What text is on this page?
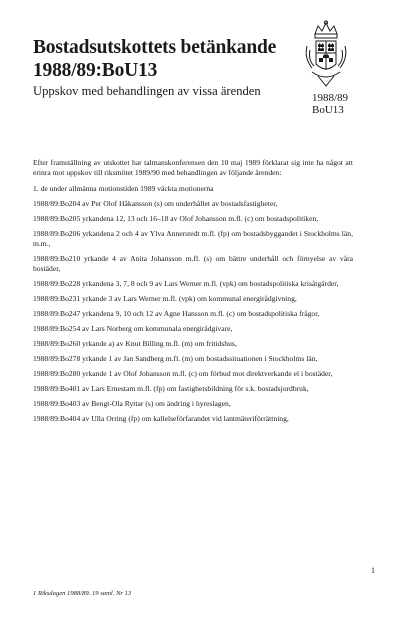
Bostadsutskottets betänkande
1988/89:BoU13
Uppskov med behandlingen av vissa ärenden	1988/89
BoU13

Efter framställning av utskottet har talmanskonferensen den 10 maj 1989 förklarat sig inte ha något att erinra mot uppskov till riksmötet 1989/90 med behandlingen av följande ärenden:

1. de under allmänna motionstiden 1989 väckta motionerna

1988/89:Bo204 av Per Olof Håkansson (s) om underhållet av bostadsfastigheter,

1988/89:Bo205 yrkandena 12, 13 och 16–18 av Olof Johansson m.fl. (c) om bostadspolitiken,

1988/89:Bo206 yrkandena 2 och 4 av Ylva Annerstedt m.fl. (fp) om bostadsbyggandet i Stockholms län, m.m.,

1988/89:Bo210 yrkande 4 av Anita Johansson m.fl. (s) om bättre underhåll och förnyelse av våra bostäder,

1988/89:Bo228 yrkandena 3, 7, 8 och 9 av Lars Werner m.fl. (vpk) om bostadspolitiska krisåtgärder,

1988/89:Bo231 yrkande 3 av Lars Werner m.fl. (vpk) om kommunal energirådgivning,

1988/89:Bo247 yrkandena 9, 10 och 12 av Agne Hansson m.fl. (c) om bostadspolitiska frågor,

1988/89:Bo254 av Lars Norberg om kommunala energirådgivare,

1988/89:Bo260 yrkande a) av Knut Billing m.fl. (m) om fritidshus,

1988/89:Bo278 yrkande 1 av Jan Sandberg m.fl. (m) om bostadssituationen i Stockholms län,

1988/89:Bo280 yrkande 1 av Olof Johansson m.fl. (c) om förbud mot direktverkande el i bostäder,

1988/89:Bo401 av Lars Ernestam m.fl. (fp) om fastighetsbildning för s.k. bostadsjordbruk,

1988/89:Bo403 av Bengt-Ola Ryttar (s) om ändring i hyreslagen,

1988/89:Bo404 av Ulla Orring (fp) om kallelseförfarandet vid lantmäteriförrättning,

1
1 Riksdagen 1988/89. 19 saml. Nr 13
